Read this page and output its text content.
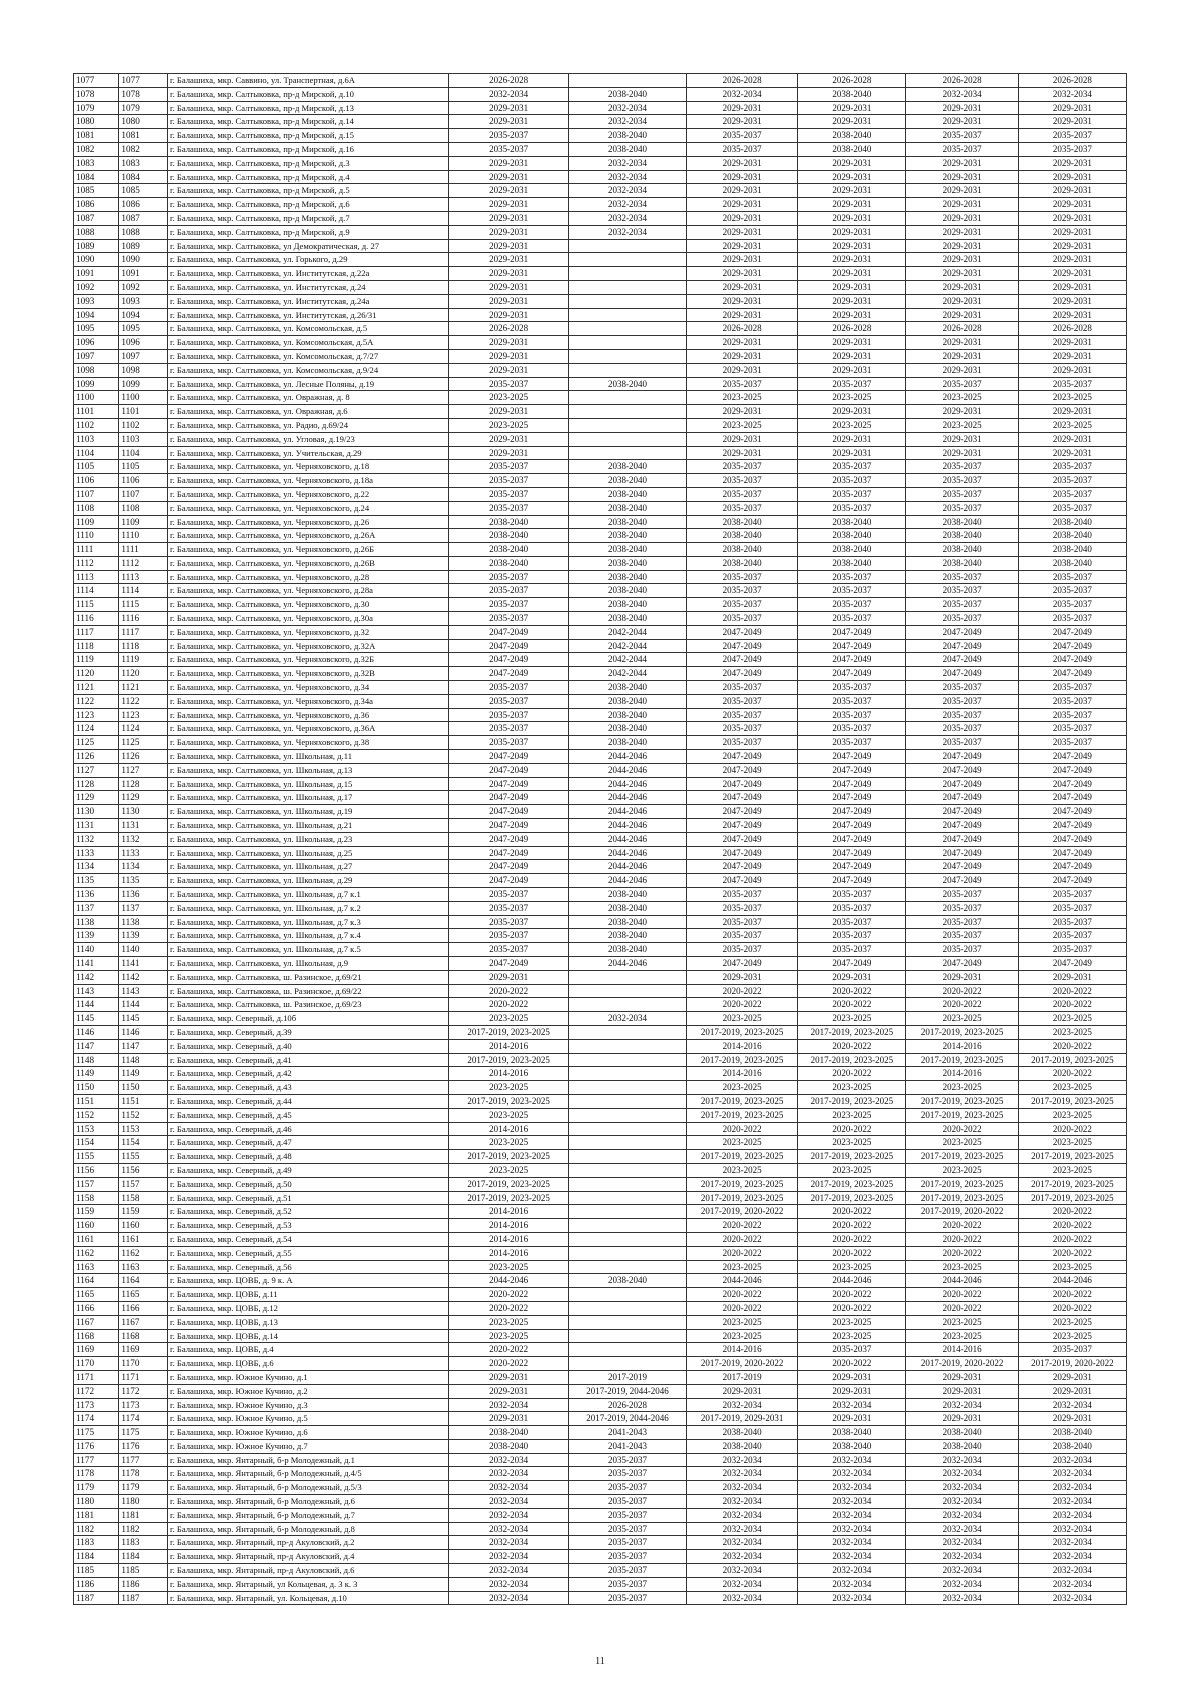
1077	1077	г. Балашиха, мкр. Саввино, ул. Транспертная, д.6А	2026-2028		2026-2028	2026-2028	2026-2028	2026-2028
1078	1078	г. Балашиха, мкр. Салтыковка, пр-д Мирской, д.10	2032-2034	2038-2040	2032-2034	2038-2040	2032-2034	2032-2034
1079	1079	г. Балашиха, мкр. Салтыковка, пр-д Мирской, д.13	2029-2031	2032-2034	2029-2031	2029-2031	2029-2031	2029-2031
1080	1080	г. Балашиха, мкр. Салтыковка, пр-д Мирской, д.14	2029-2031	2032-2034	2029-2031	2029-2031	2029-2031	2029-2031
1081	1081	г. Балашиха, мкр. Салтыковка, пр-д Мирской, д.15	2035-2037	2038-2040	2035-2037	2038-2040	2035-2037	2035-2037
1082	1082	г. Балашиха, мкр. Салтыковка, пр-д Мирской, д.16	2035-2037	2038-2040	2035-2037	2038-2040	2035-2037	2035-2037
1083	1083	г. Балашиха, мкр. Салтыковка, пр-д Мирской, д.3	2029-2031	2032-2034	2029-2031	2029-2031	2029-2031	2029-2031
1084	1084	г. Балашиха, мкр. Салтыковка, пр-д Мирской, д.4	2029-2031	2032-2034	2029-2031	2029-2031	2029-2031	2029-2031
1085	1085	г. Балашиха, мкр. Салтыковка, пр-д Мирской, д.5	2029-2031	2032-2034	2029-2031	2029-2031	2029-2031	2029-2031
1086	1086	г. Балашиха, мкр. Салтыковка, пр-д Мирской, д.6	2029-2031	2032-2034	2029-2031	2029-2031	2029-2031	2029-2031
1087	1087	г. Балашиха, мкр. Салтыковка, пр-д Мирской, д.7	2029-2031	2032-2034	2029-2031	2029-2031	2029-2031	2029-2031
1088	1088	г. Балашиха, мкр. Салтыковка, пр-д Мирской, д.9	2029-2031	2032-2034	2029-2031	2029-2031	2029-2031	2029-2031
1089	1089	г. Балашиха, мкр. Салтыковка, ул Демократическая, д. 27	2029-2031		2029-2031	2029-2031	2029-2031	2029-2031
1090	1090	г. Балашиха, мкр. Салтыковка, ул. Горького, д.29	2029-2031		2029-2031	2029-2031	2029-2031	2029-2031
1091	1091	г. Балашиха, мкр. Салтыковка, ул. Институтская, д.22а	2029-2031		2029-2031	2029-2031	2029-2031	2029-2031
1092	1092	г. Балашиха, мкр. Салтыковка, ул. Институтская, д.24	2029-2031		2029-2031	2029-2031	2029-2031	2029-2031
1093	1093	г. Балашиха, мкр. Салтыковка, ул. Институтская, д.24а	2029-2031		2029-2031	2029-2031	2029-2031	2029-2031
1094	1094	г. Балашиха, мкр. Салтыковка, ул. Институтская, д.26/31	2029-2031		2029-2031	2029-2031	2029-2031	2029-2031
1095	1095	г. Балашиха, мкр. Салтыковка, ул. Комсомольская, д.5	2026-2028		2026-2028	2026-2028	2026-2028	2026-2028
1096	1096	г. Балашиха, мкр. Салтыковка, ул. Комсомольская, д.5А	2029-2031		2029-2031	2029-2031	2029-2031	2029-2031
1097	1097	г. Балашиха, мкр. Салтыковка, ул. Комсомольская, д.7/27	2029-2031		2029-2031	2029-2031	2029-2031	2029-2031
1098	1098	г. Балашиха, мкр. Салтыковка, ул. Комсомольская, д.9/24	2029-2031		2029-2031	2029-2031	2029-2031	2029-2031
1099	1099	г. Балашиха, мкр. Салтыковка, ул. Лесные Поляны, д.19	2035-2037	2038-2040	2035-2037	2035-2037	2035-2037	2035-2037
1100	1100	г. Балашиха, мкр. Салтыковка, ул. Овражная, д. 8	2023-2025		2023-2025	2023-2025	2023-2025	2023-2025
1101	1101	г. Балашиха, мкр. Салтыковка, ул. Овражная, д.6	2029-2031		2029-2031	2029-2031	2029-2031	2029-2031
1102	1102	г. Балашиха, мкр. Салтыковка, ул. Радио, д.69/24	2023-2025		2023-2025	2023-2025	2023-2025	2023-2025
1103	1103	г. Балашиха, мкр. Салтыковка, ул. Угловая, д.19/23	2029-2031		2029-2031	2029-2031	2029-2031	2029-2031
1104	1104	г. Балашиха, мкр. Салтыковка, ул. Учительская, д.29	2029-2031		2029-2031	2029-2031	2029-2031	2029-2031
1105	1105	г. Балашиха, мкр. Салтыковка, ул. Черняховского, д.18	2035-2037	2038-2040	2035-2037	2035-2037	2035-2037	2035-2037
1106	1106	г. Балашиха, мкр. Салтыковка, ул. Черняховского, д.18а	2035-2037	2038-2040	2035-2037	2035-2037	2035-2037	2035-2037
1107	1107	г. Балашиха, мкр. Салтыковка, ул. Черняховского, д.22	2035-2037	2038-2040	2035-2037	2035-2037	2035-2037	2035-2037
1108	1108	г. Балашиха, мкр. Салтыковка, ул. Черняховского, д.24	2035-2037	2038-2040	2035-2037	2035-2037	2035-2037	2035-2037
1109	1109	г. Балашиха, мкр. Салтыковка, ул. Черняховского, д.26	2038-2040	2038-2040	2038-2040	2038-2040	2038-2040	2038-2040
1110	1110	г. Балашиха, мкр. Салтыковка, ул. Черняховского, д.26А	2038-2040	2038-2040	2038-2040	2038-2040	2038-2040	2038-2040
1111	1111	г. Балашиха, мкр. Салтыковка, ул. Черняховского, д.26Б	2038-2040	2038-2040	2038-2040	2038-2040	2038-2040	2038-2040
1112	1112	г. Балашиха, мкр. Салтыковка, ул. Черняховского, д.26В	2038-2040	2038-2040	2038-2040	2038-2040	2038-2040	2038-2040
1113	1113	г. Балашиха, мкр. Салтыковка, ул. Черняховского, д.28	2035-2037	2038-2040	2035-2037	2035-2037	2035-2037	2035-2037
1114	1114	г. Балашиха, мкр. Салтыковка, ул. Черняховского, д.28а	2035-2037	2038-2040	2035-2037	2035-2037	2035-2037	2035-2037
1115	1115	г. Балашиха, мкр. Салтыковка, ул. Черняховского, д.30	2035-2037	2038-2040	2035-2037	2035-2037	2035-2037	2035-2037
1116	1116	г. Балашиха, мкр. Салтыковка, ул. Черняховского, д.30а	2035-2037	2038-2040	2035-2037	2035-2037	2035-2037	2035-2037
1117	1117	г. Балашиха, мкр. Салтыковка, ул. Черняховского, д.32	2047-2049	2042-2044	2047-2049	2047-2049	2047-2049	2047-2049
1118	1118	г. Балашиха, мкр. Салтыковка, ул. Черняховского, д.32А	2047-2049	2042-2044	2047-2049	2047-2049	2047-2049	2047-2049
1119	1119	г. Балашиха, мкр. Салтыковка, ул. Черняховского, д.32Б	2047-2049	2042-2044	2047-2049	2047-2049	2047-2049	2047-2049
1120	1120	г. Балашиха, мкр. Салтыковка, ул. Черняховского, д.32В	2047-2049	2042-2044	2047-2049	2047-2049	2047-2049	2047-2049
1121	1121	г. Балашиха, мкр. Салтыковка, ул. Черняховского, д.34	2035-2037	2038-2040	2035-2037	2035-2037	2035-2037	2035-2037
1122	1122	г. Балашиха, мкр. Салтыковка, ул. Черняховского, д.34а	2035-2037	2038-2040	2035-2037	2035-2037	2035-2037	2035-2037
1123	1123	г. Балашиха, мкр. Салтыковка, ул. Черняховского, д.36	2035-2037	2038-2040	2035-2037	2035-2037	2035-2037	2035-2037
1124	1124	г. Балашиха, мкр. Салтыковка, ул. Черняховского, д.36А	2035-2037	2038-2040	2035-2037	2035-2037	2035-2037	2035-2037
1125	1125	г. Балашиха, мкр. Салтыковка, ул. Черняховского, д.38	2035-2037	2038-2040	2035-2037	2035-2037	2035-2037	2035-2037
1126	1126	г. Балашиха, мкр. Салтыковка, ул. Школьная, д.11	2047-2049	2044-2046	2047-2049	2047-2049	2047-2049	2047-2049
1127	1127	г. Балашиха, мкр. Салтыковка, ул. Школьная, д.13	2047-2049	2044-2046	2047-2049	2047-2049	2047-2049	2047-2049
1128	1128	г. Балашиха, мкр. Салтыковка, ул. Школьная, д.15	2047-2049	2044-2046	2047-2049	2047-2049	2047-2049	2047-2049
1129	1129	г. Балашиха, мкр. Салтыковка, ул. Школьная, д.17	2047-2049	2044-2046	2047-2049	2047-2049	2047-2049	2047-2049
1130	1130	г. Балашиха, мкр. Салтыковка, ул. Школьная, д.19	2047-2049	2044-2046	2047-2049	2047-2049	2047-2049	2047-2049
1131	1131	г. Балашиха, мкр. Салтыковка, ул. Школьная, д.21	2047-2049	2044-2046	2047-2049	2047-2049	2047-2049	2047-2049
1132	1132	г. Балашиха, мкр. Салтыковка, ул. Школьная, д.23	2047-2049	2044-2046	2047-2049	2047-2049	2047-2049	2047-2049
1133	1133	г. Балашиха, мкр. Салтыковка, ул. Школьная, д.25	2047-2049	2044-2046	2047-2049	2047-2049	2047-2049	2047-2049
1134	1134	г. Балашиха, мкр. Салтыковка, ул. Школьная, д.27	2047-2049	2044-2046	2047-2049	2047-2049	2047-2049	2047-2049
1135	1135	г. Балашиха, мкр. Салтыковка, ул. Школьная, д.29	2047-2049	2044-2046	2047-2049	2047-2049	2047-2049	2047-2049
1136	1136	г. Балашиха, мкр. Салтыковка, ул. Школьная, д.7 к.1	2035-2037	2038-2040	2035-2037	2035-2037	2035-2037	2035-2037
1137	1137	г. Балашиха, мкр. Салтыковка, ул. Школьная, д.7 к.2	2035-2037	2038-2040	2035-2037	2035-2037	2035-2037	2035-2037
1138	1138	г. Балашиха, мкр. Салтыковка, ул. Школьная, д.7 к.3	2035-2037	2038-2040	2035-2037	2035-2037	2035-2037	2035-2037
1139	1139	г. Балашиха, мкр. Салтыковка, ул. Школьная, д.7 к.4	2035-2037	2038-2040	2035-2037	2035-2037	2035-2037	2035-2037
1140	1140	г. Балашиха, мкр. Салтыковка, ул. Школьная, д.7 к.5	2035-2037	2038-2040	2035-2037	2035-2037	2035-2037	2035-2037
1141	1141	г. Балашиха, мкр. Салтыковка, ул. Школьная, д.9	2047-2049	2044-2046	2047-2049	2047-2049	2047-2049	2047-2049
1142	1142	г. Балашиха, мкр. Салтыковка, ш. Разинское, д.69/21	2029-2031		2029-2031	2029-2031	2029-2031	2029-2031
1143	1143	г. Балашиха, мкр. Салтыковка, ш. Разинское, д.69/22	2020-2022		2020-2022	2020-2022	2020-2022	2020-2022
1144	1144	г. Балашиха, мкр. Салтыковка, ш. Разинское, д.69/23	2020-2022		2020-2022	2020-2022	2020-2022	2020-2022
1145	1145	г. Балашиха, мкр. Северный, д.10б	2023-2025	2032-2034	2023-2025	2023-2025	2023-2025	2023-2025
1146	1146	г. Балашиха, мкр. Северный, д.39	2017-2019, 2023-2025		2017-2019, 2023-2025	2017-2019, 2023-2025	2017-2019, 2023-2025	2023-2025
1147	1147	г. Балашиха, мкр. Северный, д.40	2014-2016		2014-2016	2020-2022	2014-2016	2020-2022
1148	1148	г. Балашиха, мкр. Северный, д.41	2017-2019, 2023-2025		2017-2019, 2023-2025	2017-2019, 2023-2025	2017-2019, 2023-2025	2017-2019, 2023-2025
1149	1149	г. Балашиха, мкр. Северный, д.42	2014-2016		2014-2016	2020-2022	2014-2016	2020-2022
1150	1150	г. Балашиха, мкр. Северный, д.43	2023-2025		2023-2025	2023-2025	2023-2025	2023-2025
1151	1151	г. Балашиха, мкр. Северный, д.44	2017-2019, 2023-2025		2017-2019, 2023-2025	2017-2019, 2023-2025	2017-2019, 2023-2025	2017-2019, 2023-2025
1152	1152	г. Балашиха, мкр. Северный, д.45	2023-2025		2017-2019, 2023-2025	2023-2025	2017-2019, 2023-2025	2023-2025
1153	1153	г. Балашиха, мкр. Северный, д.46	2014-2016		2020-2022	2020-2022	2020-2022	2020-2022
1154	1154	г. Балашиха, мкр. Северный, д.47	2023-2025		2023-2025	2023-2025	2023-2025	2023-2025
1155	1155	г. Балашиха, мкр. Северный, д.48	2017-2019, 2023-2025		2017-2019, 2023-2025	2017-2019, 2023-2025	2017-2019, 2023-2025	2017-2019, 2023-2025
1156	1156	г. Балашиха, мкр. Северный, д.49	2023-2025		2023-2025	2023-2025	2023-2025	2023-2025
1157	1157	г. Балашиха, мкр. Северный, д.50	2017-2019, 2023-2025		2017-2019, 2023-2025	2017-2019, 2023-2025	2017-2019, 2023-2025	2017-2019, 2023-2025
1158	1158	г. Балашиха, мкр. Северный, д.51	2017-2019, 2023-2025		2017-2019, 2023-2025	2017-2019, 2023-2025	2017-2019, 2023-2025	2017-2019, 2023-2025
1159	1159	г. Балашиха, мкр. Северный, д.52	2014-2016		2017-2019, 2020-2022	2020-2022	2017-2019, 2020-2022	2020-2022
1160	1160	г. Балашиха, мкр. Северный, д.53	2014-2016		2020-2022	2020-2022	2020-2022	2020-2022
1161	1161	г. Балашиха, мкр. Северный, д.54	2014-2016		2020-2022	2020-2022	2020-2022	2020-2022
1162	1162	г. Балашиха, мкр. Северный, д.55	2014-2016		2020-2022	2020-2022	2020-2022	2020-2022
1163	1163	г. Балашиха, мкр. Северный, д.56	2023-2025		2023-2025	2023-2025	2023-2025	2023-2025
1164	1164	г. Балашиха, мкр. ЦОВБ, д. 9 к. А	2044-2046	2038-2040	2044-2046	2044-2046	2044-2046	2044-2046
1165	1165	г. Балашиха, мкр. ЦОВБ, д.11	2020-2022		2020-2022	2020-2022	2020-2022	2020-2022
1166	1166	г. Балашиха, мкр. ЦОВБ, д.12	2020-2022		2020-2022	2020-2022	2020-2022	2020-2022
1167	1167	г. Балашиха, мкр. ЦОВБ, д.13	2023-2025		2023-2025	2023-2025	2023-2025	2023-2025
1168	1168	г. Балашиха, мкр. ЦОВБ, д.14	2023-2025		2023-2025	2023-2025	2023-2025	2023-2025
1169	1169	г. Балашиха, мкр. ЦОВБ, д.4	2020-2022		2014-2016	2035-2037	2014-2016	2035-2037
1170	1170	г. Балашиха, мкр. ЦОВБ, д.6	2020-2022		2017-2019, 2020-2022	2020-2022	2017-2019, 2020-2022	2017-2019, 2020-2022
1171	1171	г. Балашиха, мкр. Южное Кучино, д.1	2029-2031	2017-2019	2017-2019	2029-2031	2029-2031	2029-2031
1172	1172	г. Балашиха, мкр. Южное Кучино, д.2	2029-2031	2017-2019, 2044-2046	2029-2031	2029-2031	2029-2031	2029-2031
1173	1173	г. Балашиха, мкр. Южное Кучино, д.3	2032-2034	2026-2028	2032-2034	2032-2034	2032-2034	2032-2034
1174	1174	г. Балашиха, мкр. Южное Кучино, д.5	2029-2031	2017-2019, 2044-2046	2017-2019, 2029-2031	2029-2031	2029-2031	2029-2031
1175	1175	г. Балашиха, мкр. Южное Кучино, д.6	2038-2040	2041-2043	2038-2040	2038-2040	2038-2040	2038-2040
1176	1176	г. Балашиха, мкр. Южное Кучино, д.7	2038-2040	2041-2043	2038-2040	2038-2040	2038-2040	2038-2040
1177	1177	г. Балашиха, мкр. Янтарный, б-р Молодежный, д.1	2032-2034	2035-2037	2032-2034	2032-2034	2032-2034	2032-2034
1178	1178	г. Балашиха, мкр. Янтарный, б-р Молодежный, д.4/5	2032-2034	2035-2037	2032-2034	2032-2034	2032-2034	2032-2034
1179	1179	г. Балашиха, мкр. Янтарный, б-р Молодежный, д.5/3	2032-2034	2035-2037	2032-2034	2032-2034	2032-2034	2032-2034
1180	1180	г. Балашиха, мкр. Янтарный, б-р Молодежный, д.6	2032-2034	2035-2037	2032-2034	2032-2034	2032-2034	2032-2034
1181	1181	г. Балашиха, мкр. Янтарный, б-р Молодежный, д.7	2032-2034	2035-2037	2032-2034	2032-2034	2032-2034	2032-2034
1182	1182	г. Балашиха, мкр. Янтарный, б-р Молодежный, д.8	2032-2034	2035-2037	2032-2034	2032-2034	2032-2034	2032-2034
1183	1183	г. Балашиха, мкр. Янтарный, пр-д Акуловский, д.2	2032-2034	2035-2037	2032-2034	2032-2034	2032-2034	2032-2034
1184	1184	г. Балашиха, мкр. Янтарный, пр-д Акуловский, д.4	2032-2034	2035-2037	2032-2034	2032-2034	2032-2034	2032-2034
1185	1185	г. Балашиха, мкр. Янтарный, пр-д Акуловский, д.6	2032-2034	2035-2037	2032-2034	2032-2034	2032-2034	2032-2034
1186	1186	г. Балашиха, мкр. Янтарный, ул Кольцевая, д. 3 к. 3	2032-2034	2035-2037	2032-2034	2032-2034	2032-2034	2032-2034
1187	1187	г. Балашиха, мкр. Янтарный, ул. Кольцевая, д.10	2032-2034	2035-2037	2032-2034	2032-2034	2032-2034	2032-2034
11
